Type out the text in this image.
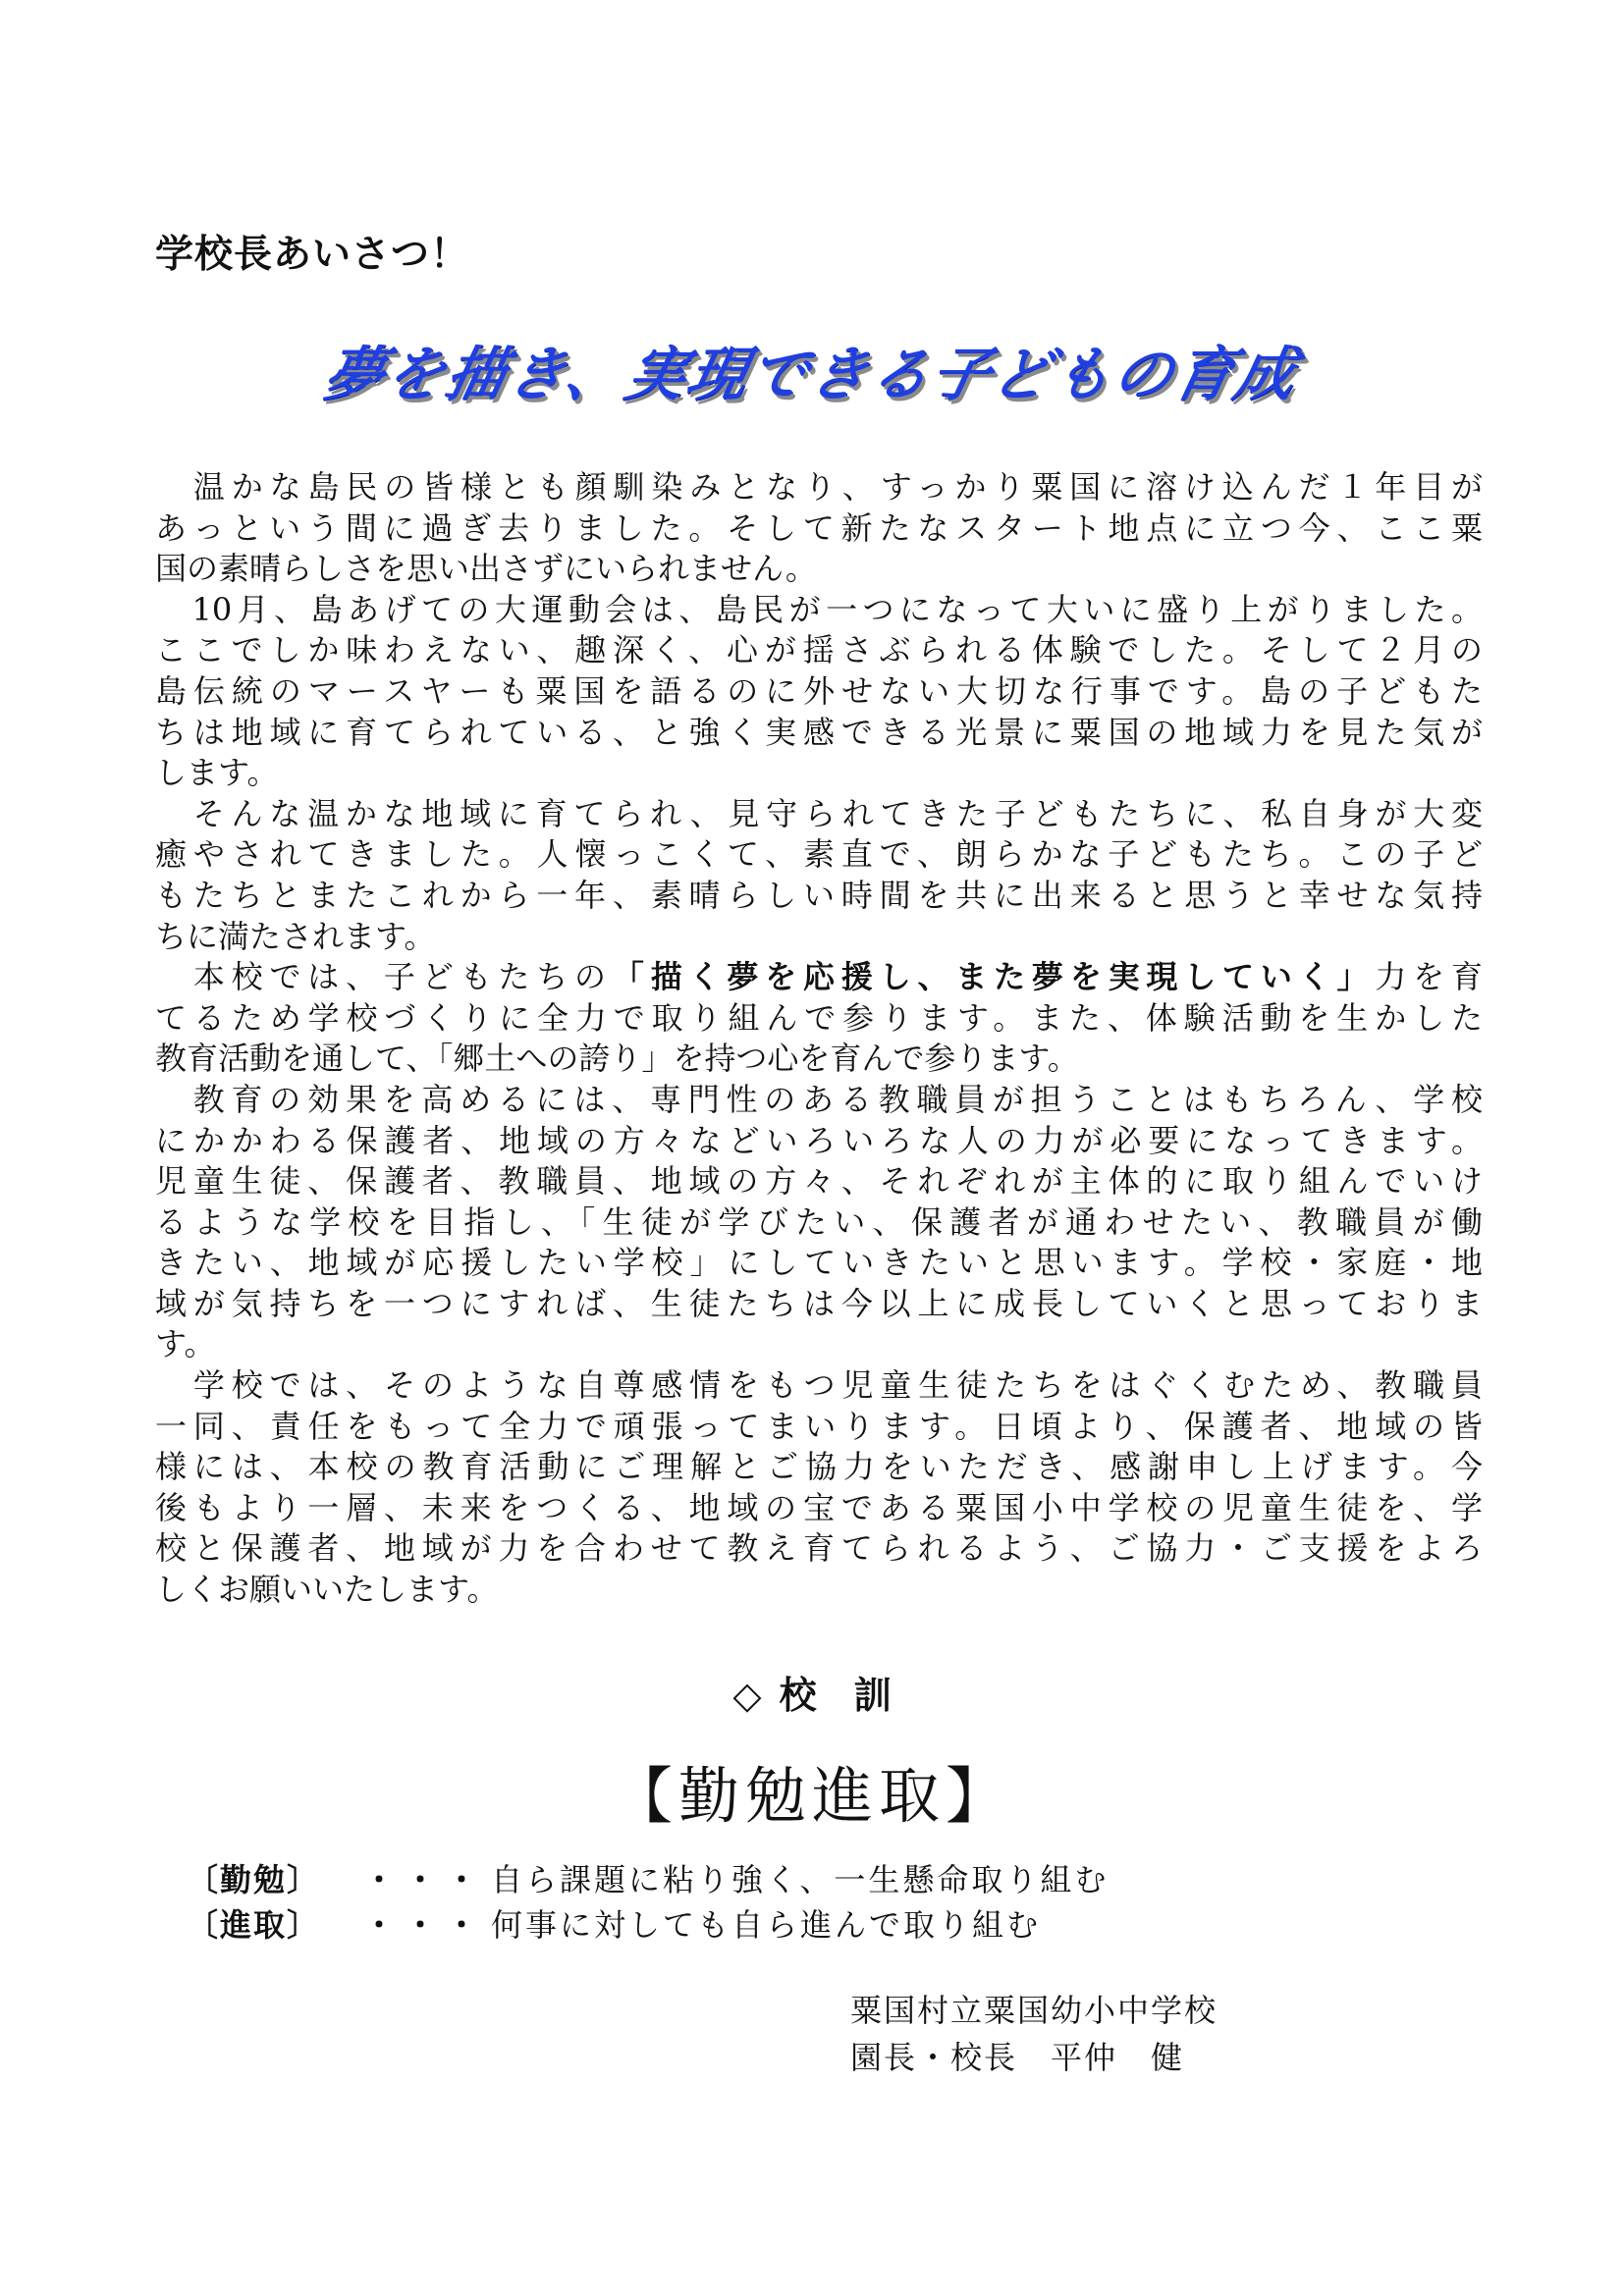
学校長あいさつ！
夢を描き、実現できる子どもの育成
　温かな島民の皆様とも顔馴染みとなり、すっかり粟国に溶け込んだ１年目が
あっという間に過ぎ去りました。そして新たなスタート地点に立つ今、ここ粟
国の素晴らしさを思い出さずにいられません。
　10月、島あげての大運動会は、島民が一つになって大いに盛り上がりました。
ここでしか味わえない、趣深く、心が揺さぶられる体験でした。そして２月の
島伝統のマースヤーも粟国を語るのに外せない大切な行事です。島の子どもた
ちは地域に育てられている、と強く実感できる光景に粟国の地域力を見た気が
します。
　そんな温かな地域に育てられ、見守られてきた子どもたちに、私自身が大変
癒やされてきました。人懐っこくて、素直で、朗らかな子どもたち。この子ど
もたちとまたこれから一年、素晴らしい時間を共に出来ると思うと幸せな気持
ちに満たされます。
　本校では、子どもたちの「描く夢を応援し、また夢を実現していく」力を育
てるため学校づくりに全力で取り組んで参ります。また、体験活動を生かした
教育活動を通して、「郷土への誇り」を持つ心を育んで参ります。
　教育の効果を高めるには、専門性のある教職員が担うことはもちろん、学校
にかかわる保護者、地域の方々などいろいろな人の力が必要になってきます。
児童生徒、保護者、教職員、地域の方々、それぞれが主体的に取り組んでいけ
るような学校を目指し、「生徒が学びたい、保護者が通わせたい、教職員が働
きたい、地域が応援したい学校」にしていきたいと思います。学校・家庭・地
域が気持ちを一つにすれば、生徒たちは今以上に成長していくと思っておりま
す。
　学校では、そのような自尊感情をもつ児童生徒たちをはぐくむため、教職員
一同、責任をもって全力で頑張ってまいります。日頃より、保護者、地域の皆
様には、本校の教育活動にご理解とご協力をいただき、感謝申し上げます。今
後もより一層、未来をつくる、地域の宝である粟国小中学校の児童生徒を、学
校と保護者、地域が力を合わせて教え育てられるよう、ご協力・ご支援をよろ
しくお願いいたします。
◇ 校　訓
【勤勉進取】
〔勤勉〕 ・・・ 自ら課題に粘り強く、一生懸命取り組む
〔進取〕 ・・・ 何事に対しても自ら進んで取り組む
粟国村立粟国幼小中学校
園長・校長　平仲　健
